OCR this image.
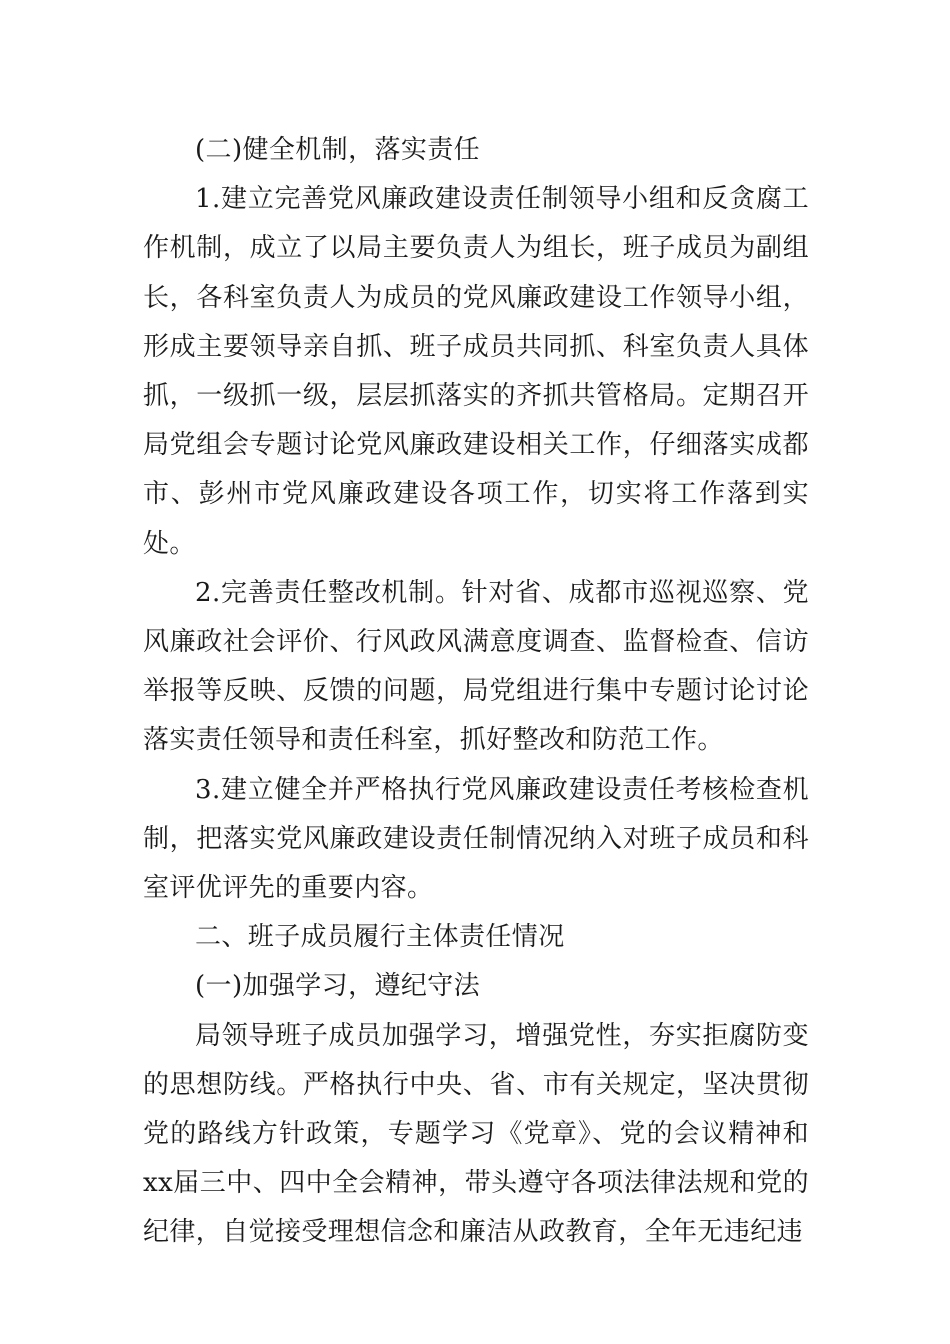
(二)健全机制，落实责任

1.建立完善党风廉政建设责任制领导小组和反贪腐工作机制，成立了以局主要负责人为组长，班子成员为副组长，各科室负责人为成员的党风廉政建设工作领导小组，形成主要领导亲自抓、班子成员共同抓、科室负责人具体抓，一级抓一级，层层抓落实的齐抓共管格局。定期召开局党组会专题讨论党风廉政建设相关工作，仔细落实成都市、彭州市党风廉政建设各项工作，切实将工作落到实处。

2.完善责任整改机制。针对省、成都市巡视巡察、党风廉政社会评价、行风政风满意度调查、监督检查、信访举报等反映、反馈的问题，局党组进行集中专题讨论讨论落实责任领导和责任科室，抓好整改和防范工作。

3.建立健全并严格执行党风廉政建设责任考核检查机制，把落实党风廉政建设责任制情况纳入对班子成员和科室评优评先的重要内容。

二、班子成员履行主体责任情况

(一)加强学习，遵纪守法

局领导班子成员加强学习，增强党性，夯实拒腐防变的思想防线。严格执行中央、省、市有关规定，坚决贯彻党的路线方针政策，专题学习《党章》、党的会议精神和xx届三中、四中全会精神，带头遵守各项法律法规和党的纪律，自觉接受理想信念和廉洁从政教育，全年无违纪违
